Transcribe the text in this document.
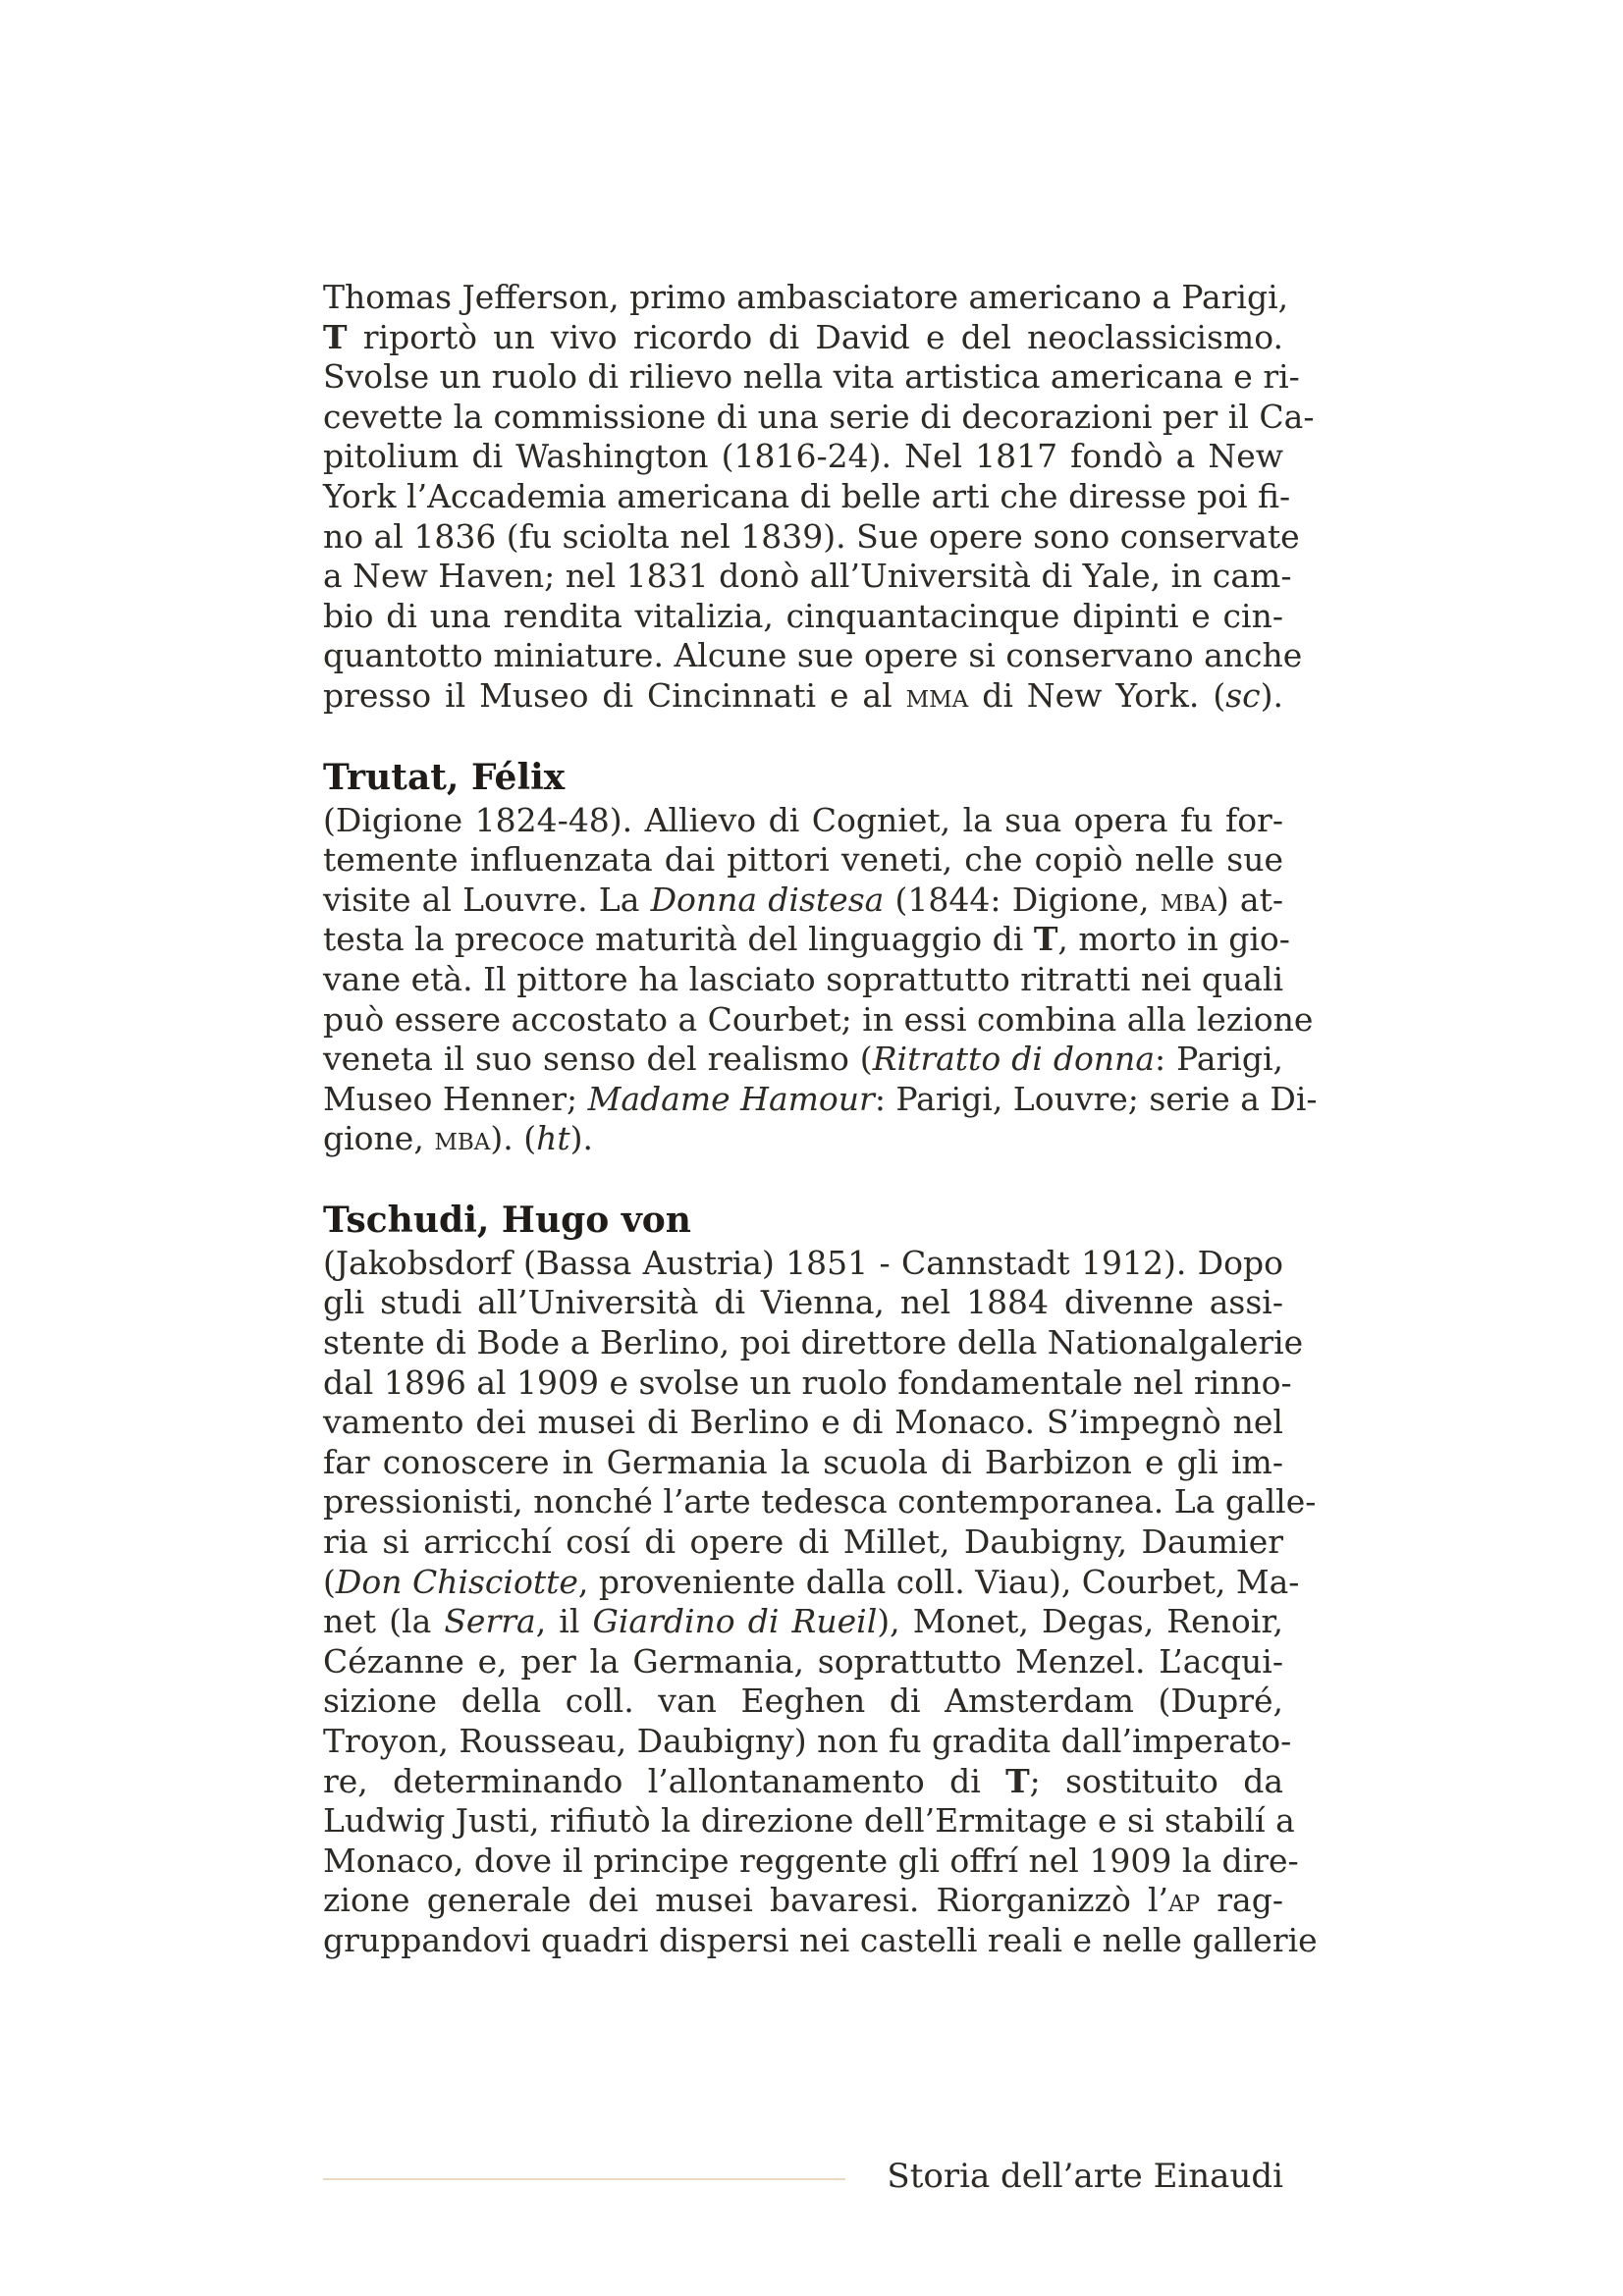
Thomas Jefferson, primo ambasciatore americano a Parigi,
T riportò un vivo ricordo di David e del neoclassicismo.
Svolse un ruolo di rilievo nella vita artistica americana e ri-
cevette la commissione di una serie di decorazioni per il Ca-
pitolium di Washington (1816-24). Nel 1817 fondò a New
York l’Accademia americana di belle arti che diresse poi fi-
no al 1836 (fu sciolta nel 1839). Sue opere sono conservate
a New Haven; nel 1831 donò all’Università di Yale, in cam-
bio di una rendita vitalizia, cinquantacinque dipinti e cin-
quantotto miniature. Alcune sue opere si conservano anche
presso il Museo di Cincinnati e al mma di New York. (sc).
Trutat, Félix
(Digione 1824-48). Allievo di Cogniet, la sua opera fu for-
temente influenzata dai pittori veneti, che copiò nelle sue
visite al Louvre. La Donna distesa (1844: Digione, mba) at-
testa la precoce maturità del linguaggio di T, morto in gio-
vane età. Il pittore ha lasciato soprattutto ritratti nei quali
può essere accostato a Courbet; in essi combina alla lezione
veneta il suo senso del realismo (Ritratto di donna: Parigi,
Museo Henner; Madame Hamour: Parigi, Louvre; serie a Di-
gione, mba). (ht).
Tschudi, Hugo von
(Jakobsdorf (Bassa Austria) 1851 - Cannstadt 1912). Dopo
gli studi all’Università di Vienna, nel 1884 divenne assi-
stente di Bode a Berlino, poi direttore della Nationalgalerie
dal 1896 al 1909 e svolse un ruolo fondamentale nel rinno-
vamento dei musei di Berlino e di Monaco. S’impegnò nel
far conoscere in Germania la scuola di Barbizon e gli im-
pressionisti, nonché l’arte tedesca contemporanea. La galle-
ria si arricchí cosí di opere di Millet, Daubigny, Daumier
(Don Chisciotte, proveniente dalla coll. Viau), Courbet, Ma-
net (la Serra, il Giardino di Rueil), Monet, Degas, Renoir,
Cézanne e, per la Germania, soprattutto Menzel. L’acqui-
sizione della coll. van Eeghen di Amsterdam (Dupré,
Troyon, Rousseau, Daubigny) non fu gradita dall’imperato-
re, determinando l’allontanamento di T; sostituito da
Ludwig Justi, rifiutò la direzione dell’Ermitage e si stabilí a
Monaco, dove il principe reggente gli offrí nel 1909 la dire-
zione generale dei musei bavaresi. Riorganizzò l’ap rag-
gruppandovi quadri dispersi nei castelli reali e nelle gallerie
Storia dell’arte Einaudi
